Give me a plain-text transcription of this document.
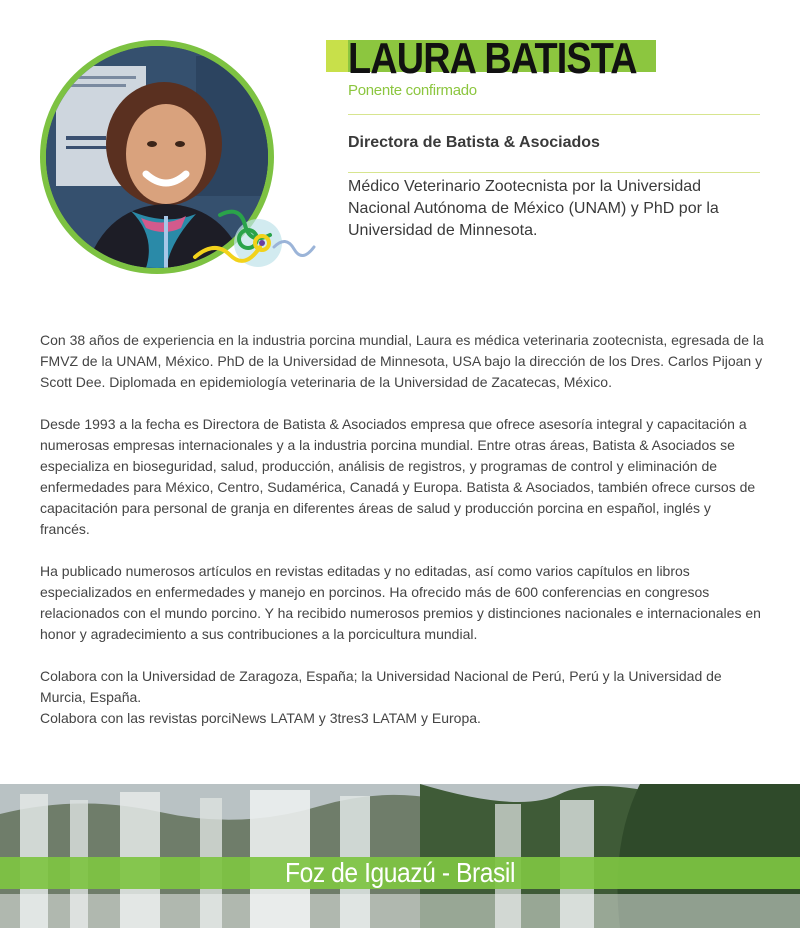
LAURA BATISTA
Ponente confirmado
Directora de Batista & Asociados

Médico Veterinario Zootecnista por la Universidad Nacional Autónoma de México (UNAM) y PhD por la Universidad de Minnesota.

Con 38 años de experiencia en la industria porcina mundial, Laura es médica veterinaria zootecnista, egresada de la FMVZ de la UNAM, México. PhD de la Universidad de Minnesota, USA bajo la dirección de los Dres. Carlos Pijoan y Scott Dee. Diplomada en epidemiología veterinaria de la Universidad de Zacatecas, México.

Desde 1993 a la fecha es Directora de Batista & Asociados empresa que ofrece asesoría integral y capacitación a numerosas empresas internacionales y a la industria porcina mundial. Entre otras áreas, Batista & Asociados se especializa en bioseguridad, salud, producción, análisis de registros, y programas de control y eliminación de enfermedades para México, Centro, Sudamérica, Canadá y Europa. Batista & Asociados, también ofrece cursos de capacitación para personal de granja en diferentes áreas de salud y producción porcina en español, inglés y francés.

Ha publicado numerosos artículos en revistas editadas y no editadas, así como varios capítulos en libros especializados en enfermedades y manejo en porcinos. Ha ofrecido más de 600 conferencias en congresos relacionados con el mundo porcino. Y ha recibido numerosos premios y distinciones nacionales e internacionales en honor y agradecimiento a sus contribuciones a la porcicultura mundial.

Colabora con la Universidad de Zaragoza, España; la Universidad Nacional de Perú, Perú y la Universidad de Murcia, España.

Colabora con las revistas porciNews LATAM y 3tres3 LATAM y Europa.

Foz de Iguazú - Brasil
